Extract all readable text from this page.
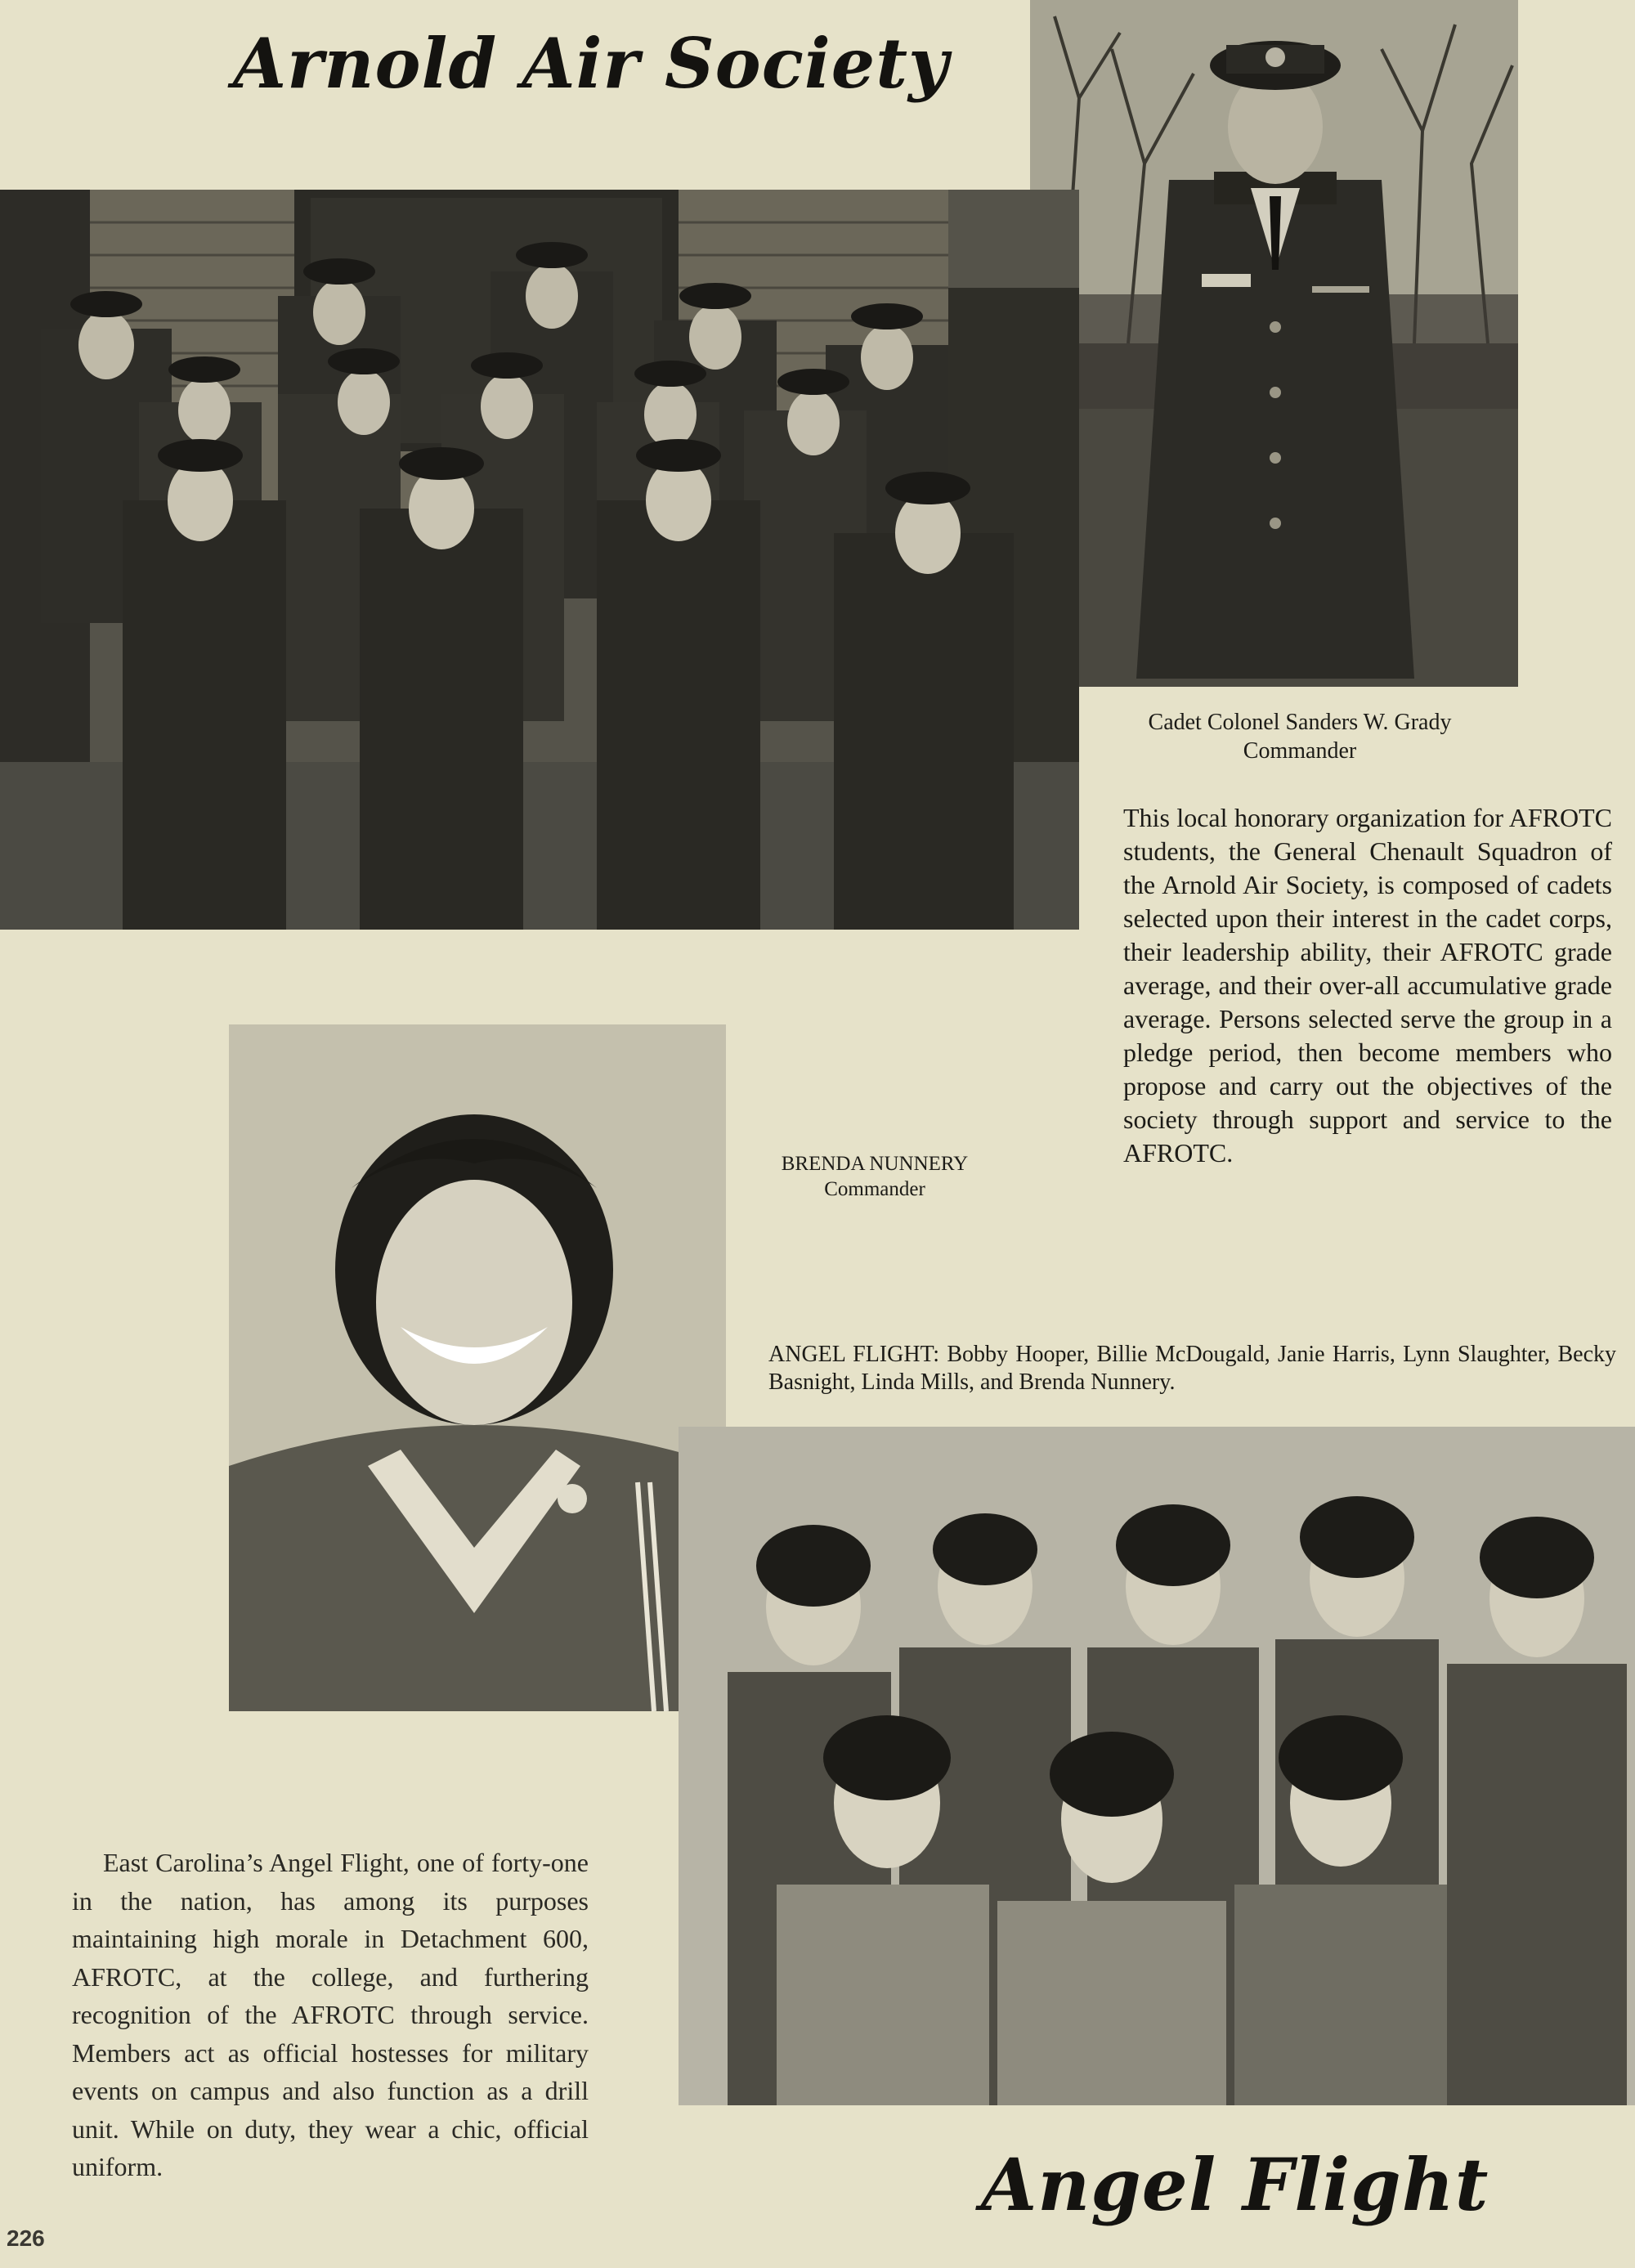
Arnold Air Society
Cadet Colonel Sanders W. Grady
Commander
This local honorary organization for AFROTC students, the General Chenault Squadron of the Arnold Air Society, is composed of cadets selected upon their interest in the cadet corps, their leadership ability, their AFROTC grade average, and their over-all accumulative grade average. Persons selected serve the group in a pledge period, then become members who propose and carry out the objectives of the society through support and service to the AFROTC.
BRENDA NUNNERY
Commander
ANGEL FLIGHT: Bobby Hooper, Billie McDougald, Janie Harris, Lynn Slaughter, Becky Basnight, Linda Mills, and Brenda Nunnery.
East Carolina’s Angel Flight, one of forty-one in the nation, has among its purposes maintaining high morale in Detachment 600, AFROTC, at the college, and furthering recognition of the AFROTC through service. Members act as official hostesses for military events on campus and also function as a drill unit. While on duty, they wear a chic, official uniform.	Angel Flight
226
